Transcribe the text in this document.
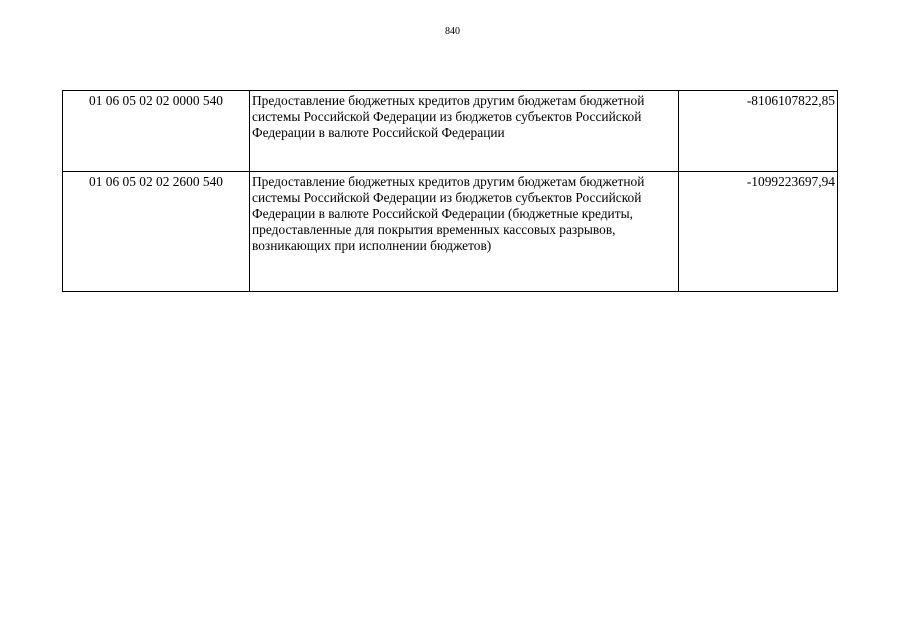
840
01 06 05 02 02 0000 540	Предоставление бюджетных кредитов другим бюджетам бюджетной системы Российской Федерации из бюджетов субъектов Российской Федерации в валюте Российской Федерации	-8106107822,85
01 06 05 02 02 2600 540	Предоставление бюджетных кредитов другим бюджетам бюджетной системы Российской Федерации из бюджетов субъектов Российской Федерации в валюте Российской Федерации (бюджетные кредиты, предоставленные для покрытия временных кассовых разрывов, возникающих при исполнении бюджетов)	-1099223697,94
